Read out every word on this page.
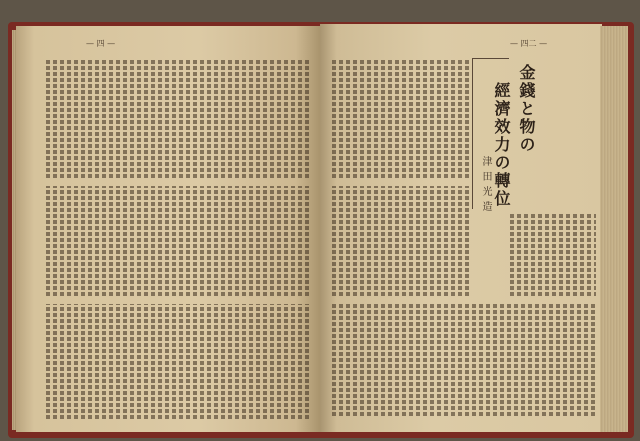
— 四 —	— 四二 —
金錢と物の
經濟效力の轉位
津田光造
